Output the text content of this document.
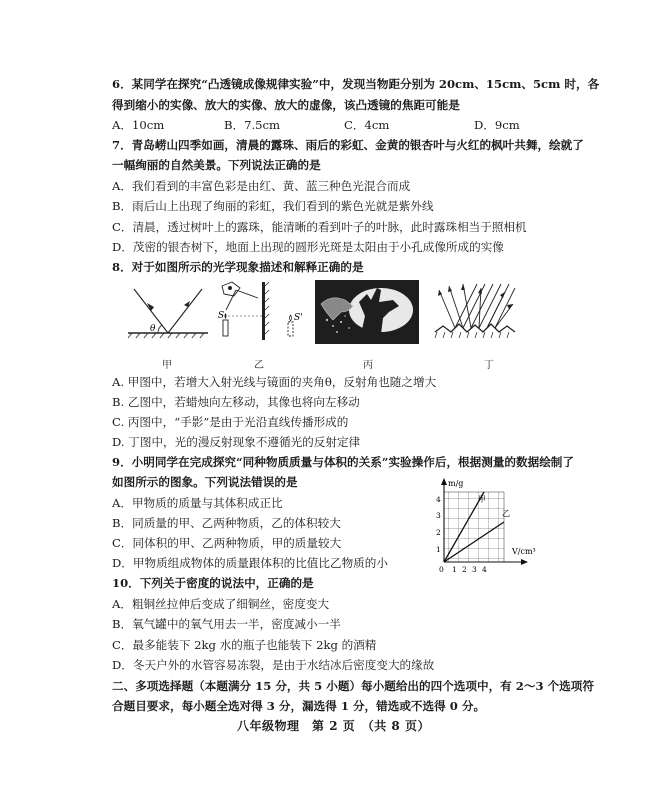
6．某同学在探究“凸透镜成像规律实验”中，发现当物距分别为 20cm、15cm、5cm 时，各
得到缩小的实像、放大的实像、放大的虚像，该凸透镜的焦距可能是
A．10cm	B．7.5cm	C．4cm	D．9cm
7．青岛崂山四季如画，清晨的露珠、雨后的彩虹、金黄的银杏叶与火红的枫叶共舞，绘就了
一幅绚丽的自然美景。下列说法正确的是
A．我们看到的丰富色彩是由红、黄、蓝三种色光混合而成
B．雨后山上出现了绚丽的彩虹，我们看到的紫色光就是紫外线
C．清晨，透过树叶上的露珠，能清晰的看到叶子的叶脉，此时露珠相当于照相机
D．茂密的银杏树下，地面上出现的圆形光斑是太阳由于小孔成像所成的实像
8．对于如图所示的光学现象描述和解释正确的是
θ
S	S'
甲	乙	丙	丁
A. 甲图中，若增大入射光线与镜面的夹角θ，反射角也随之增大
B. 乙图中，若蜡烛向左移动，其像也将向左移动
C. 丙图中，“手影”是由于光沿直线传播形成的
D. 丁图中，光的漫反射现象不遵循光的反射定律
9．小明同学在完成探究“同种物质质量与体积的关系”实验操作后，根据测量的数据绘制了
如图所示的图象。下列说法错误的是
A．甲物质的质量与其体积成正比
B．同质量的甲、乙两种物质，乙的体积较大
C．同体积的甲、乙两种物质，甲的质量较大
D．甲物质组成物体的质量跟体积的比值比乙物质的小
m/g
V/cm³
甲
乙
0 1 2 3 4
1
2
3
4
10．下列关于密度的说法中，正确的是
A．粗铜丝拉伸后变成了细铜丝，密度变大
B．氧气罐中的氧气用去一半，密度减小一半
C．最多能装下 2kg 水的瓶子也能装下 2kg 的酒精
D．冬天户外的水管容易冻裂，是由于水结冰后密度变大的缘故
二、多项选择题（本题满分 15 分，共 5 小题）每小题给出的四个选项中，有 2～3 个选项符
合题目要求，每小题全选对得 3 分，漏选得 1 分，错选或不选得 0 分。
八年级物理　第 2 页　（共 8 页）
